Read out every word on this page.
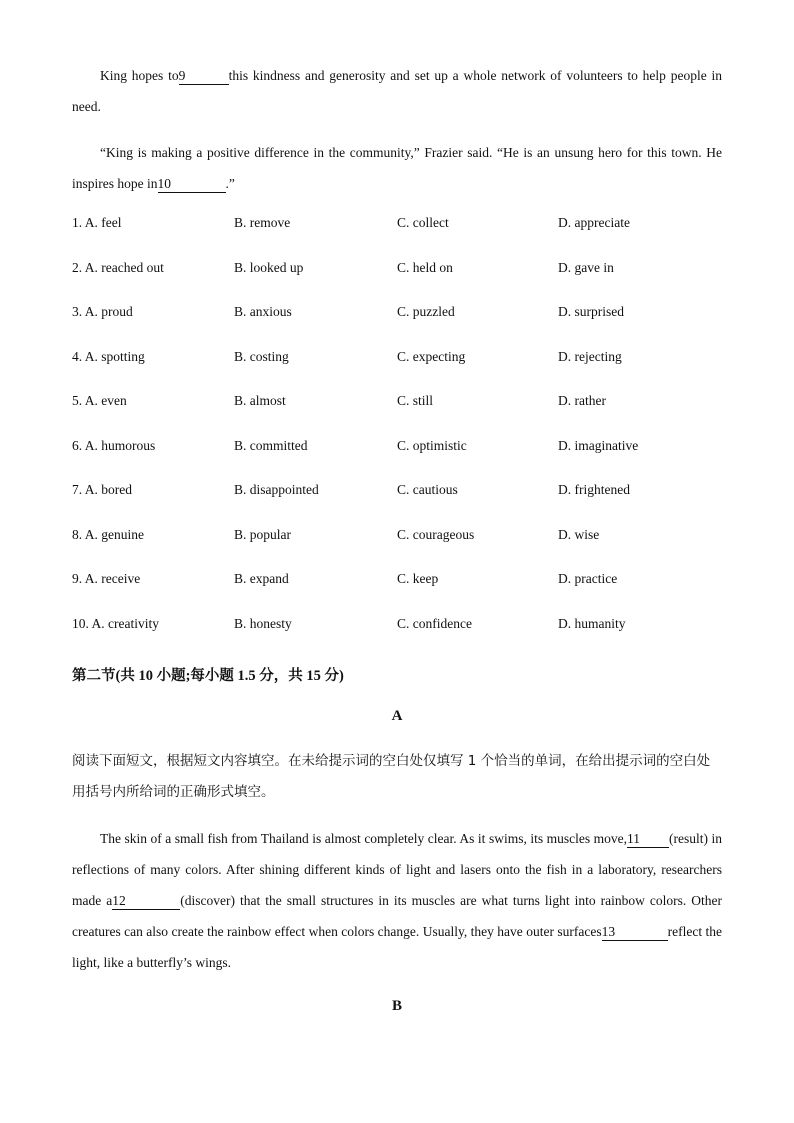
King hopes to9	this kindness and generosity and set up a whole network of volunteers to help people in need.
“King is making a positive difference in the community,” Frazier said. “He is an unsung hero for this town. He inspires hope in10	.”
1. A. feel	B. remove	C. collect	D. appreciate
2. A. reached out	B. looked up	C. held on	D. gave in
3. A. proud	B. anxious	C. puzzled	D. surprised
4. A. spotting	B. costing	C. expecting	D. rejecting
5. A. even	B. almost	C. still	D. rather
6. A. humorous	B. committed	C. optimistic	D. imaginative
7. A. bored	B. disappointed	C. cautious	D. frightened
8. A. genuine	B. popular	C. courageous	D. wise
9. A. receive	B. expand	C. keep	D. practice
10. A. creativity	B. honesty	C. confidence	D. humanity
第二节(共 10 小题;每小题 1.5 分，共 15 分)
A
阅读下面短文，根据短文内容填空。在未给提示词的空白处仅填写 1 个恰当的单词，在给出提示词的空白处用括号内所给词的正确形式填空。
The skin of a small fish from Thailand is almost completely clear. As it swims, its muscles move,11 (result) in reflections of many colors. After shining different kinds of light and lasers onto the fish in a laboratory, researchers made a12	(discover) that the small structures in its muscles are what turns light into rainbow colors. Other creatures can also create the rainbow effect when colors change. Usually, they have outer surfaces13	reflect the light, like a butterfly’s wings.
B
